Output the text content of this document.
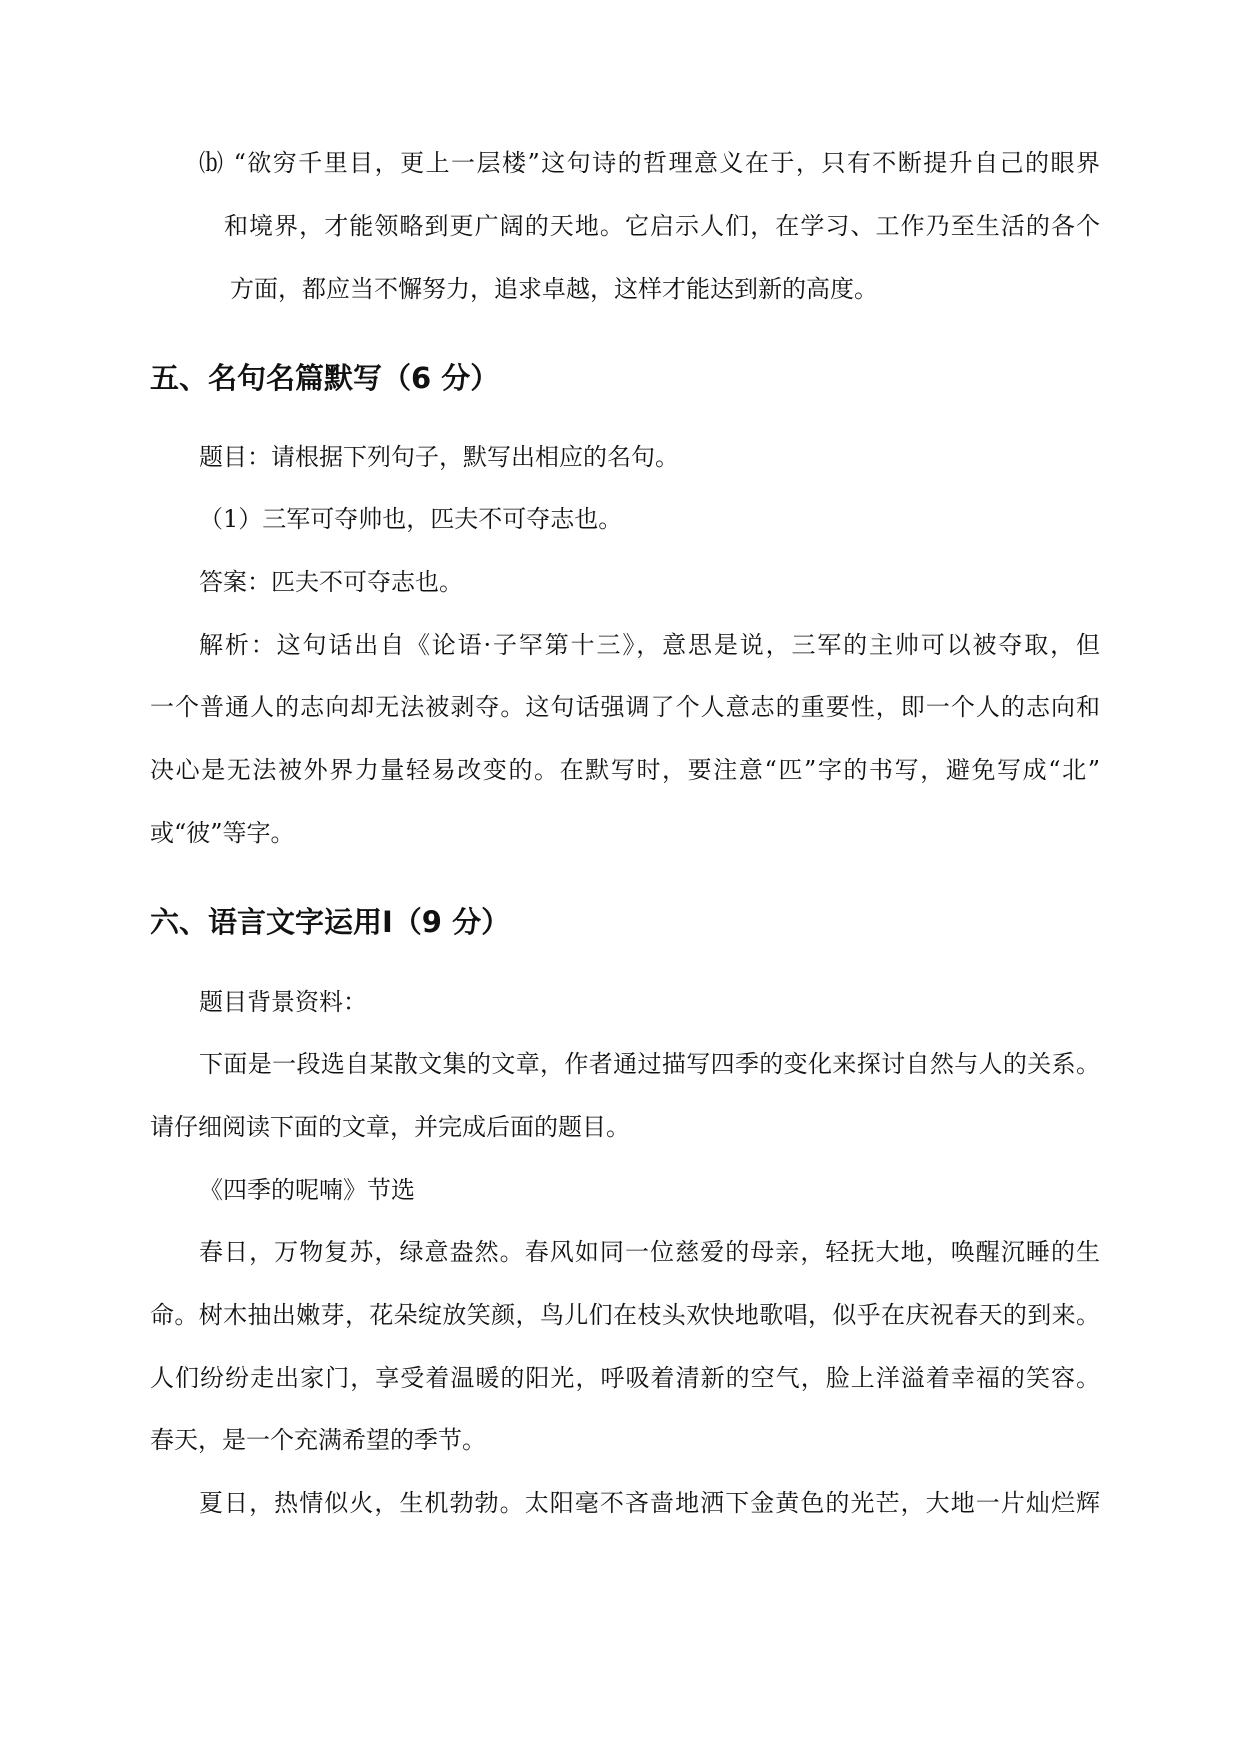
⒝ “欲穷千里目，更上一层楼”这句诗的哲理意义在于，只有不断提升自己的眼界
和境界，才能领略到更广阔的天地。它启示人们，在学习、工作乃至生活的各个
方面，都应当不懈努力，追求卓越，这样才能达到新的高度。
五、名句名篇默写（6 分）
题目：请根据下列句子，默写出相应的名句。
（1）三军可夺帅也，匹夫不可夺志也。
答案：匹夫不可夺志也。
解析：这句话出自《论语·子罕第十三》，意思是说，三军的主帅可以被夺取，但
一个普通人的志向却无法被剥夺。这句话强调了个人意志的重要性，即一个人的志向和
决心是无法被外界力量轻易改变的。在默写时，要注意“匹”字的书写，避免写成“北”
或“彼”等字。
六、语言文字运用Ⅰ（9 分）
题目背景资料：
下面是一段选自某散文集的文章，作者通过描写四季的变化来探讨自然与人的关系。
请仔细阅读下面的文章，并完成后面的题目。
《四季的呢喃》节选
春日，万物复苏，绿意盎然。春风如同一位慈爱的母亲，轻抚大地，唤醒沉睡的生
命。树木抽出嫩芽，花朵绽放笑颜，鸟儿们在枝头欢快地歌唱，似乎在庆祝春天的到来。
人们纷纷走出家门，享受着温暖的阳光，呼吸着清新的空气，脸上洋溢着幸福的笑容。
春天，是一个充满希望的季节。
夏日，热情似火，生机勃勃。太阳毫不吝啬地洒下金黄色的光芒，大地一片灿烂辉
